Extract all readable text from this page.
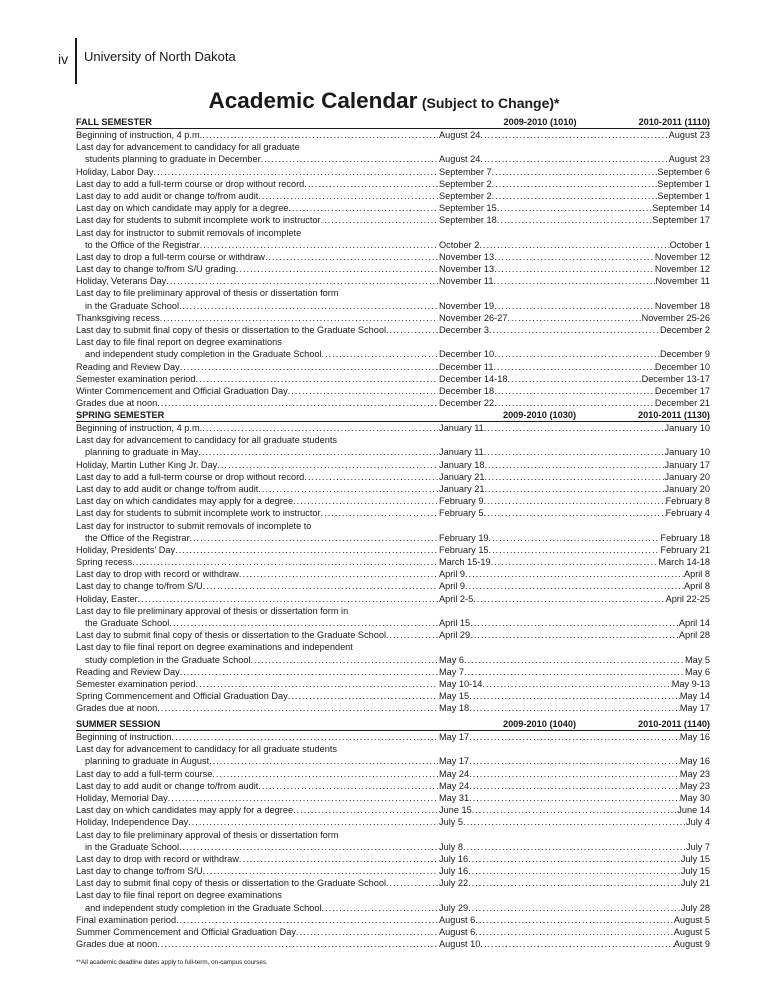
iv University of North Dakota
Academic Calendar (Subject to Change)*
FALL SEMESTER	2009-2010 (1010)	2010-2011 (1110)
Beginning of instruction, 4 p.m. .....	August 24 .....	August 23
Last day for advancement to candidacy for all graduate
students planning to graduate in December .....	August 24 .....	August 23
Holiday, Labor Day .....	September 7 .....	September 6
Last day to add a full-term course or drop without record .....	September 2 .....	September 1
Last day to add audit or change to/from audit .....	September 2 .....	September 1
Last day on which candidate may apply for a degree .....	September 15 .....	September 14
Last day for students to submit incomplete work to instructor .....	September 18 .....	September 17
Last day for instructor to submit removals of incomplete
to the Office of the Registrar .....	October 2 .....	October 1
Last day to drop a full-term course or withdraw .....	November 13 .....	November 12
Last day to change to/from S/U grading .....	November 13 .....	November 12
Holiday, Veterans Day .....	November 11 .....	November 11
Last day to file preliminary approval of thesis or dissertation form
in the Graduate School .....	November 19 .....	November 18
Thanksgiving recess .....	November 26-27 .....	November 25-26
Last day to submit final copy of thesis or dissertation to the Graduate School .....	December 3 .....	December 2
Last day to file final report on degree examinations
and independent study completion in the Graduate School .....	December 10 .....	December 9
Reading and Review Day .....	December 11 .....	December 10
Semester examination period .....	December 14-18 .....	December 13-17
Winter Commencement and Official Graduation Day .....	December 18 .....	December 17
Grades due at noon .....	December 22 .....	December 21
SPRING SEMESTER	2009-2010 (1030)	2010-2011 (1130)
Beginning of instruction, 4 p.m. .....	January 11 .....	January 10
Last day for advancement to candidacy for all graduate students
planning to graduate in May .....	January 11 .....	January 10
Holiday, Martin Luther King Jr. Day .....	January 18 .....	January 17
Last day to add a full-term course or drop without record .....	January 21 .....	January 20
Last day to add audit or change to/from audit .....	January 21 .....	January 20
Last day on which candidates may apply for a degree .....	February 9 .....	February 8
Last day for students to submit incomplete work to instructor .....	February 5 .....	February 4
Last day for instructor to submit removals of incomplete to
the Office of the Registrar .....	February 19 .....	February 18
Holiday, Presidents' Day .....	February 15 .....	February 21
Spring recess .....	March 15-19 .....	March 14-18
Last day to drop with record or withdraw .....	April 9 .....	April 8
Last day to change to/from S/U .....	April 9 .....	April 8
Holiday, Easter .....	April 2-5 .....	April 22-25
Last day to file preliminary approval of thesis or dissertation form in
the Graduate School .....	April 15 .....	April 14
Last day to submit final copy of thesis or dissertation to the Graduate School .....	April 29 .....	April 28
Last day to file final report on degree examinations and independent
study completion in the Graduate School .....	May 6 .....	May 5
Reading and Review Day .....	May 7 .....	May 6
Semester examination period .....	May 10-14 .....	May 9-13
Spring Commencement and Official Graduation Day .....	May 15 .....	May 14
Grades due at noon .....	May 18 .....	May 17
SUMMER SESSION	2009-2010 (1040)	2010-2011 (1140)
Beginning of instruction .....	May 17 .....	May 16
Last day for advancement to candidacy for all graduate students
planning to graduate in August .....	May 17 .....	May 16
Last day to add a full-term course .....	May 24 .....	May 23
Last day to add audit or change to/from audit .....	May 24 .....	May 23
Holiday, Memorial Day .....	May 31 .....	May 30
Last day on which candidates may apply for a degree .....	June 15 .....	June 14
Holiday, Independence Day .....	July 5 .....	July 4
Last day to file preliminary approval of thesis or dissertation form
in the Graduate School .....	July 8 .....	July 7
Last day to drop with record or withdraw .....	July 16 .....	July 15
Last day to change to/from S/U .....	July 16 .....	July 15
Last day to submit final copy of thesis or dissertation to the Graduate School .....	July 22 .....	July 21
Last day to file final report on degree examinations
and independent study completion in the Graduate School .....	July 29 .....	July 28
Final examination period .....	August 6 .....	August 5
Summer Commencement and Official Graduation Day .....	August 6 .....	August 5
Grades due at noon .....	August 10 .....	August 9
**All academic deadline dates apply to full-term, on-campus courses.
